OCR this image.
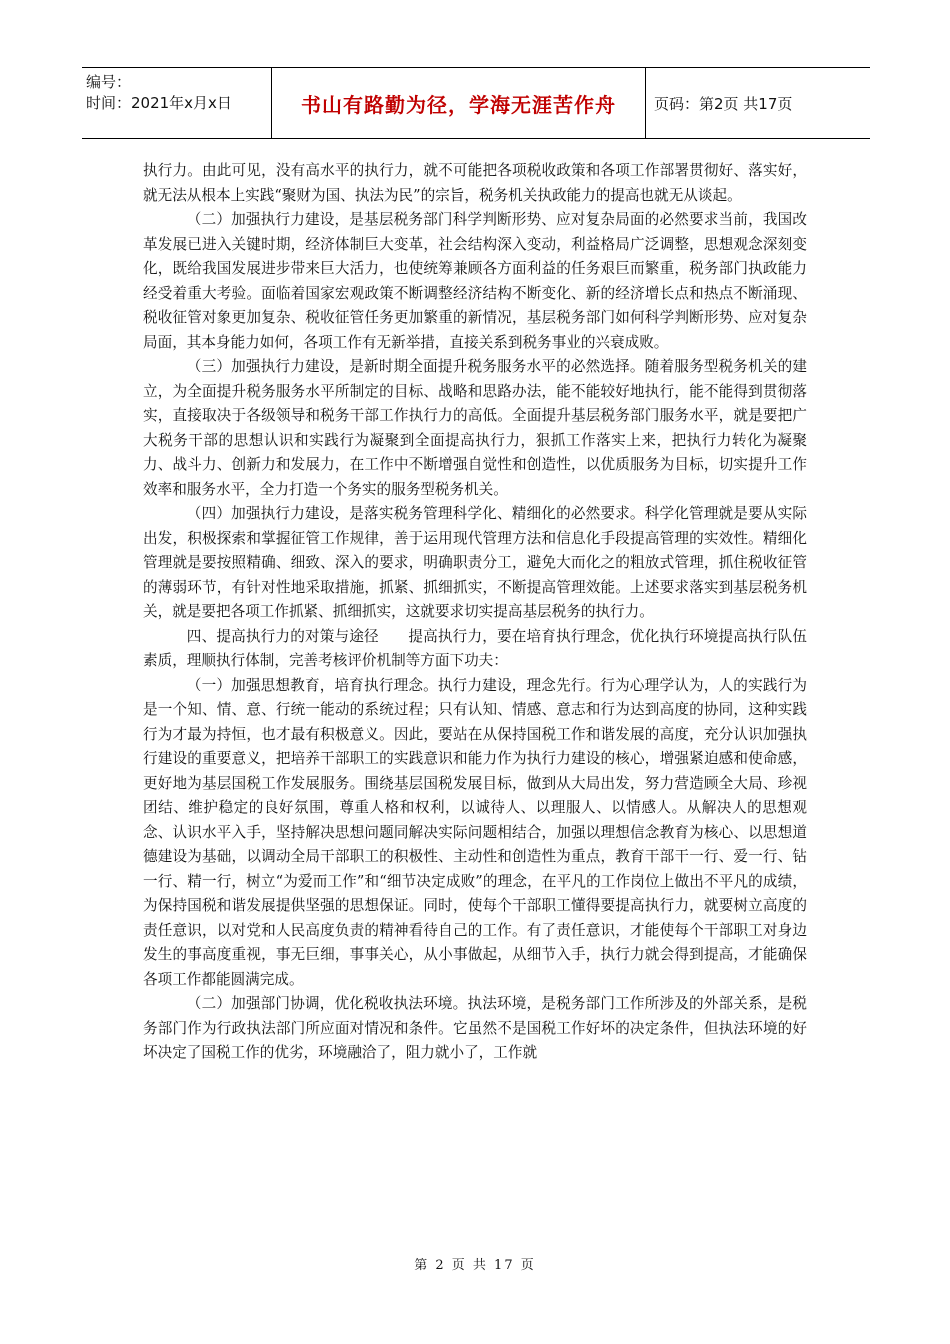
编号：
时间：2021年x月x日	书山有路勤为径，学海无涯苦作舟	页码：第2页 共17页

执行力。由此可见，没有高水平的执行力，就不可能把各项税收政策和各项工作部署贯彻好、落实好，就无法从根本上实践“聚财为国、执法为民”的宗旨，税务机关执政能力的提高也就无从谈起。

（二）加强执行力建设，是基层税务部门科学判断形势、应对复杂局面的必然要求当前，我国改革发展已进入关键时期，经济体制巨大变革，社会结构深入变动，利益格局广泛调整，思想观念深刻变化，既给我国发展进步带来巨大活力，也使统筹兼顾各方面利益的任务艰巨而繁重，税务部门执政能力经受着重大考验。面临着国家宏观政策不断调整经济结构不断变化、新的经济增长点和热点不断涌现、税收征管对象更加复杂、税收征管任务更加繁重的新情况，基层税务部门如何科学判断形势、应对复杂局面，其本身能力如何，各项工作有无新举措，直接关系到税务事业的兴衰成败。

（三）加强执行力建设，是新时期全面提升税务服务水平的必然选择。随着服务型税务机关的建立，为全面提升税务服务水平所制定的目标、战略和思路办法，能不能较好地执行，能不能得到贯彻落实，直接取决于各级领导和税务干部工作执行力的高低。全面提升基层税务部门服务水平，就是要把广大税务干部的思想认识和实践行为凝聚到全面提高执行力，狠抓工作落实上来，把执行力转化为凝聚力、战斗力、创新力和发展力，在工作中不断增强自觉性和创造性，以优质服务为目标，切实提升工作效率和服务水平，全力打造一个务实的服务型税务机关。

（四）加强执行力建设，是落实税务管理科学化、精细化的必然要求。科学化管理就是要从实际出发，积极探索和掌握征管工作规律，善于运用现代管理方法和信息化手段提高管理的实效性。精细化管理就是要按照精确、细致、深入的要求，明确职责分工，避免大而化之的粗放式管理，抓住税收征管的薄弱环节，有针对性地采取措施，抓紧、抓细抓实，不断提高管理效能。上述要求落实到基层税务机关，就是要把各项工作抓紧、抓细抓实，这就要求切实提高基层税务的执行力。

四、提高执行力的对策与途径　　提高执行力，要在培育执行理念，优化执行环境提高执行队伍素质，理顺执行体制，完善考核评价机制等方面下功夫：

（一）加强思想教育，培育执行理念。执行力建设，理念先行。行为心理学认为，人的实践行为是一个知、情、意、行统一能动的系统过程；只有认知、情感、意志和行为达到高度的协同，这种实践行为才最为持恒，也才最有积极意义。因此，要站在从保持国税工作和谐发展的高度，充分认识加强执行建设的重要意义，把培养干部职工的实践意识和能力作为执行力建设的核心，增强紧迫感和使命感，更好地为基层国税工作发展服务。围绕基层国税发展目标，做到从大局出发，努力营造顾全大局、珍视团结、维护稳定的良好氛围，尊重人格和权利，以诚待人、以理服人、以情感人。从解决人的思想观念、认识水平入手，坚持解决思想问题同解决实际问题相结合，加强以理想信念教育为核心、以思想道德建设为基础，以调动全局干部职工的积极性、主动性和创造性为重点，教育干部干一行、爱一行、钻一行、精一行，树立“为爱而工作”和“细节决定成败”的理念，在平凡的工作岗位上做出不平凡的成绩，为保持国税和谐发展提供坚强的思想保证。同时，使每个干部职工懂得要提高执行力，就要树立高度的责任意识，以对党和人民高度负责的精神看待自己的工作。有了责任意识，才能使每个干部职工对身边发生的事高度重视，事无巨细，事事关心，从小事做起，从细节入手，执行力就会得到提高，才能确保各项工作都能圆满完成。

（二）加强部门协调，优化税收执法环境。执法环境，是税务部门工作所涉及的外部关系，是税务部门作为行政执法部门所应面对情况和条件。它虽然不是国税工作好坏的决定条件，但执法环境的好坏决定了国税工作的优劣，环境融洽了，阻力就小了，工作就

第 2 页 共 17 页
